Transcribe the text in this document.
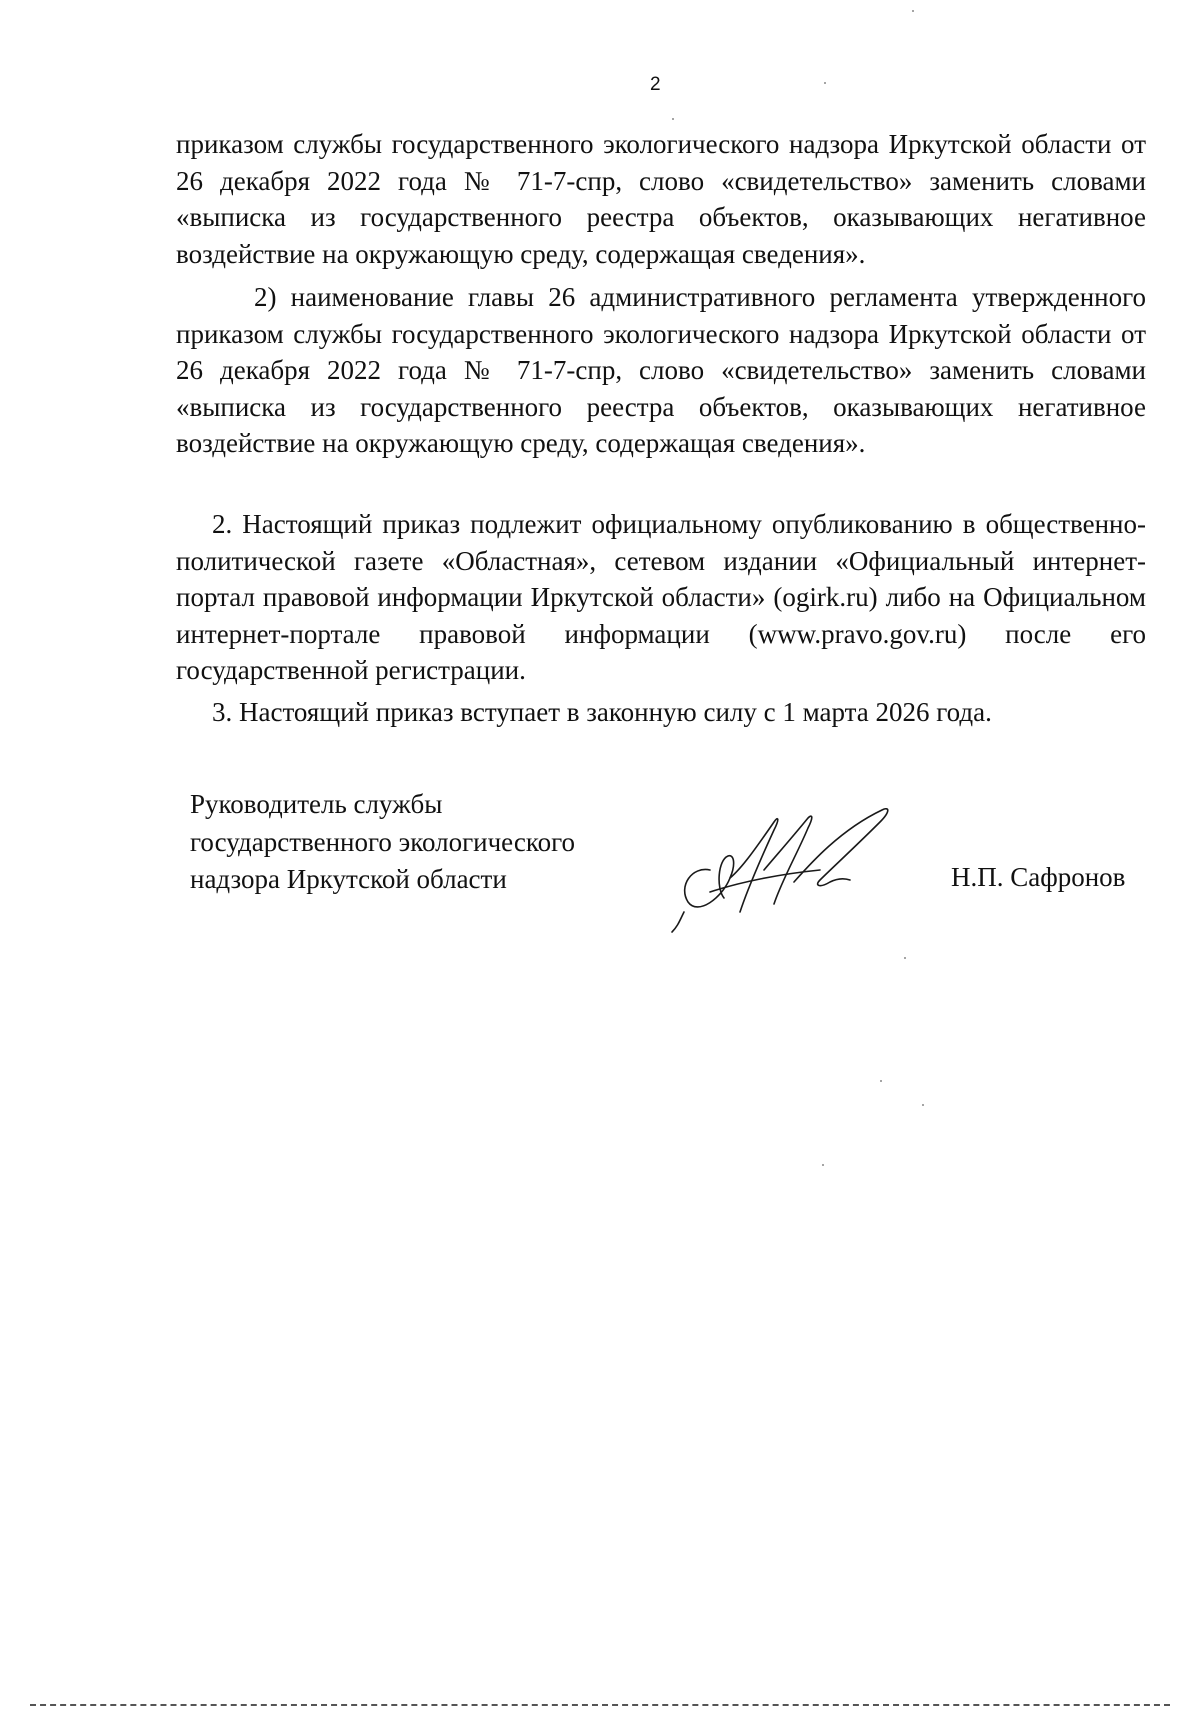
2

приказом службы государственного экологического надзора Иркутской области от 26 декабря 2022 года № 71-7-спр, слово «свидетельство» заменить словами «выписка из государственного реестра объектов, оказывающих негативное воздействие на окружающую среду, содержащая сведения».

2) наименование главы 26 административного регламента утвержденного приказом службы государственного экологического надзора Иркутской области от 26 декабря 2022 года № 71-7-спр, слово «свидетельство» заменить словами «выписка из государственного реестра объектов, оказывающих негативное воздействие на окружающую среду, содержащая сведения».

2. Настоящий приказ подлежит официальному опубликованию в общественно-политической газете «Областная», сетевом издании «Официальный интернет-портал правовой информации Иркутской области» (ogirk.ru) либо на Официальном интернет-портале правовой информации (www.pravo.gov.ru) после его государственной регистрации.

3. Настоящий приказ вступает в законную силу с 1 марта 2026 года.
Руководитель службы
государственного экологического
надзора Иркутской области	Н.П. Сафронов
